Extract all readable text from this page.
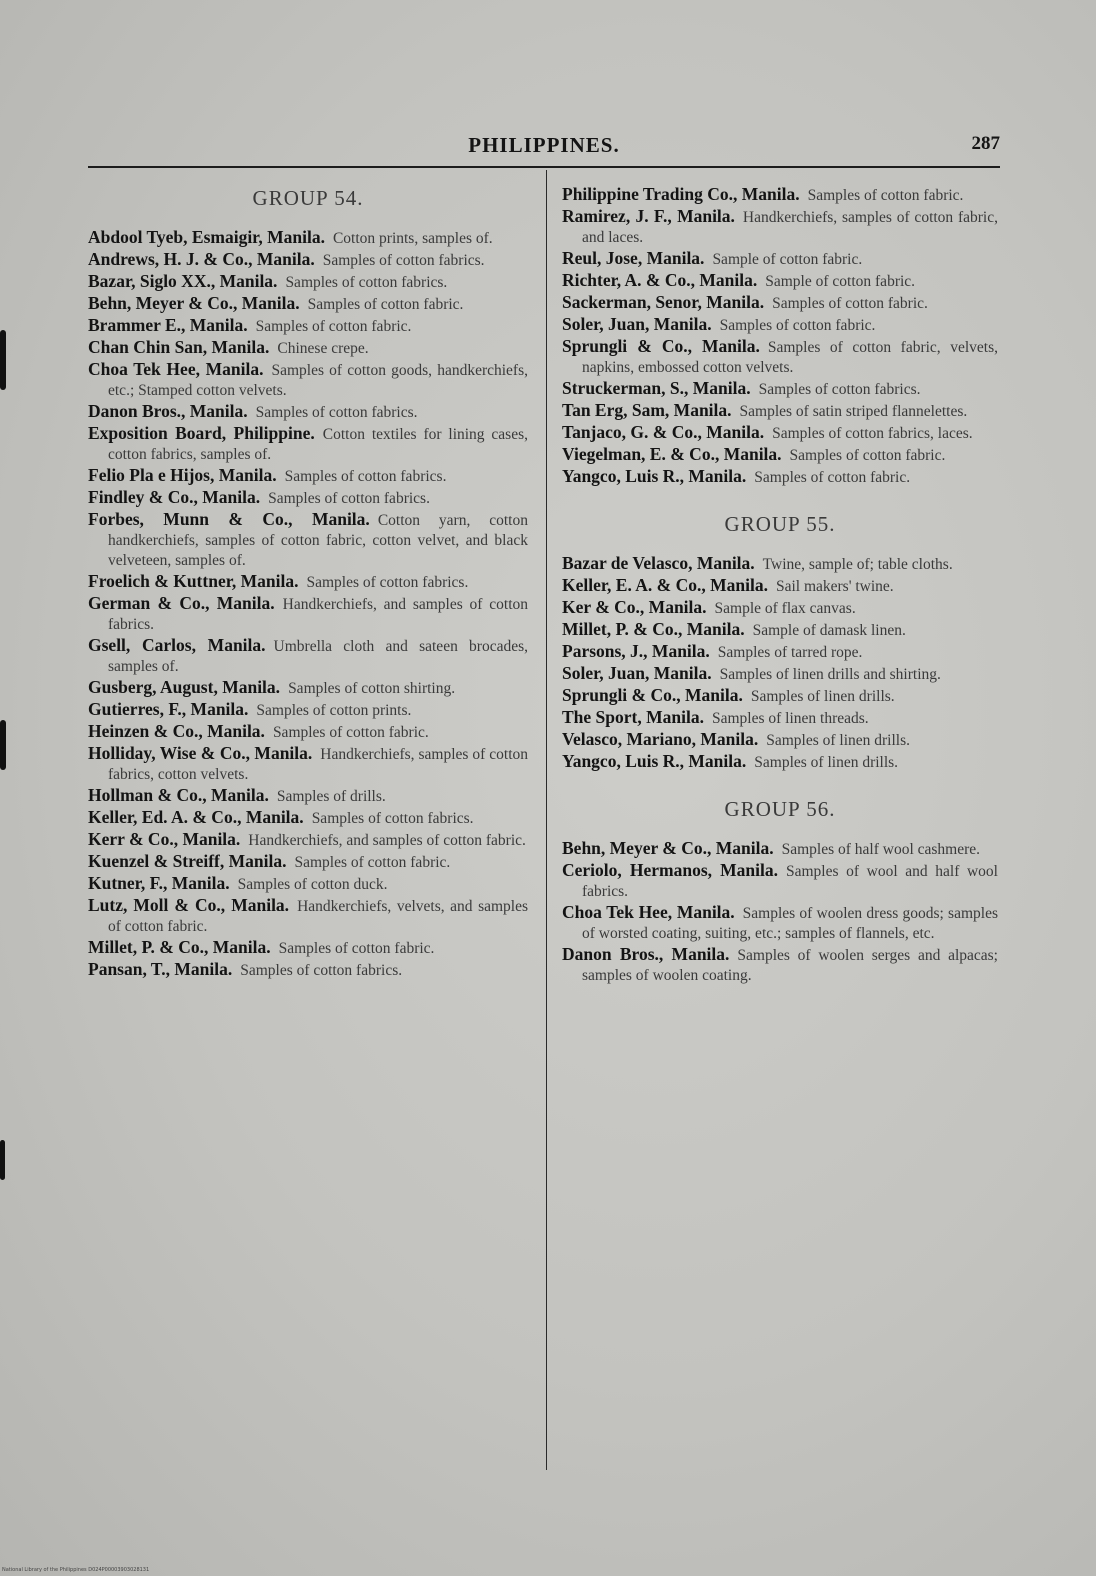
PHILIPPINES.	287
GROUP 54.

Abdool Tyeb, Esmaigir, Manila.  Cotton prints, samples of.

Andrews, H. J. & Co., Manila.  Samples of cotton fabrics.

Bazar, Siglo XX., Manila.  Samples of cotton fabrics.

Behn, Meyer & Co., Manila.  Samples of cotton fabric.

Brammer E., Manila.  Samples of cotton fabric.

Chan Chin San, Manila.  Chinese crepe.

Choa Tek Hee, Manila.  Samples of cotton goods, handkerchiefs, etc.; Stamped cotton velvets.

Danon Bros., Manila.  Samples of cotton fabrics.

Exposition Board, Philippine.  Cotton textiles for lining cases, cotton fabrics, samples of.

Felio Pla e Hijos, Manila.  Samples of cotton fabrics.

Findley & Co., Manila.  Samples of cotton fabrics.

Forbes, Munn & Co., Manila.  Cotton yarn, cotton handkerchiefs, samples of cotton fabric, cotton velvet, and black velveteen, samples of.

Froelich & Kuttner, Manila.  Samples of cotton fabrics.

German & Co., Manila.  Handkerchiefs, and samples of cotton fabrics.

Gsell, Carlos, Manila.  Umbrella cloth and sateen brocades, samples of.

Gusberg, August, Manila.  Samples of cotton shirting.

Gutierres, F., Manila.  Samples of cotton prints.

Heinzen & Co., Manila.  Samples of cotton fabric.

Holliday, Wise & Co., Manila.  Handkerchiefs, samples of cotton fabrics, cotton velvets.

Hollman & Co., Manila.  Samples of drills.

Keller, Ed. A. & Co., Manila.  Samples of cotton fabrics.

Kerr & Co., Manila.  Handkerchiefs, and samples of cotton fabric.

Kuenzel & Streiff, Manila.  Samples of cotton fabric.

Kutner, F., Manila.  Samples of cotton duck.

Lutz, Moll & Co., Manila.  Handkerchiefs, velvets, and samples of cotton fabric.

Millet, P. & Co., Manila.  Samples of cotton fabric.

Pansan, T., Manila.  Samples of cotton fabrics.

Philippine Trading Co., Manila.  Samples of cotton fabric.

Ramirez, J. F., Manila.  Handkerchiefs, samples of cotton fabric, and laces.

Reul, Jose, Manila.  Sample of cotton fabric.

Richter, A. & Co., Manila.  Sample of cotton fabric.

Sackerman, Senor, Manila.  Samples of cotton fabric.

Soler, Juan, Manila.  Samples of cotton fabric.

Sprungli & Co., Manila.  Samples of cotton fabric, velvets, napkins, embossed cotton velvets.

Struckerman, S., Manila.  Samples of cotton fabrics.

Tan Erg, Sam, Manila.  Samples of satin striped flannelettes.

Tanjaco, G. & Co., Manila.  Samples of cotton fabrics, laces.

Viegelman, E. & Co., Manila.  Samples of cotton fabric.

Yangco, Luis R., Manila.  Samples of cotton fabric.

GROUP 55.

Bazar de Velasco, Manila.  Twine, sample of; table cloths.

Keller, E. A. & Co., Manila.  Sail makers' twine.

Ker & Co., Manila.  Sample of flax canvas.

Millet, P. & Co., Manila.  Sample of damask linen.

Parsons, J., Manila.  Samples of tarred rope.

Soler, Juan, Manila.  Samples of linen drills and shirting.

Sprungli & Co., Manila.  Samples of linen drills.

The Sport, Manila.  Samples of linen threads.

Velasco, Mariano, Manila.  Samples of linen drills.

Yangco, Luis R., Manila.  Samples of linen drills.

GROUP 56.

Behn, Meyer & Co., Manila.  Samples of half wool cashmere.

Ceriolo, Hermanos, Manila.  Samples of wool and half wool fabrics.

Choa Tek Hee, Manila.  Samples of woolen dress goods; samples of worsted coating, suiting, etc.; samples of flannels, etc.

Danon Bros., Manila.  Samples of woolen serges and alpacas; samples of woolen coating.

National Library of the Philippines D024P00003903028131
